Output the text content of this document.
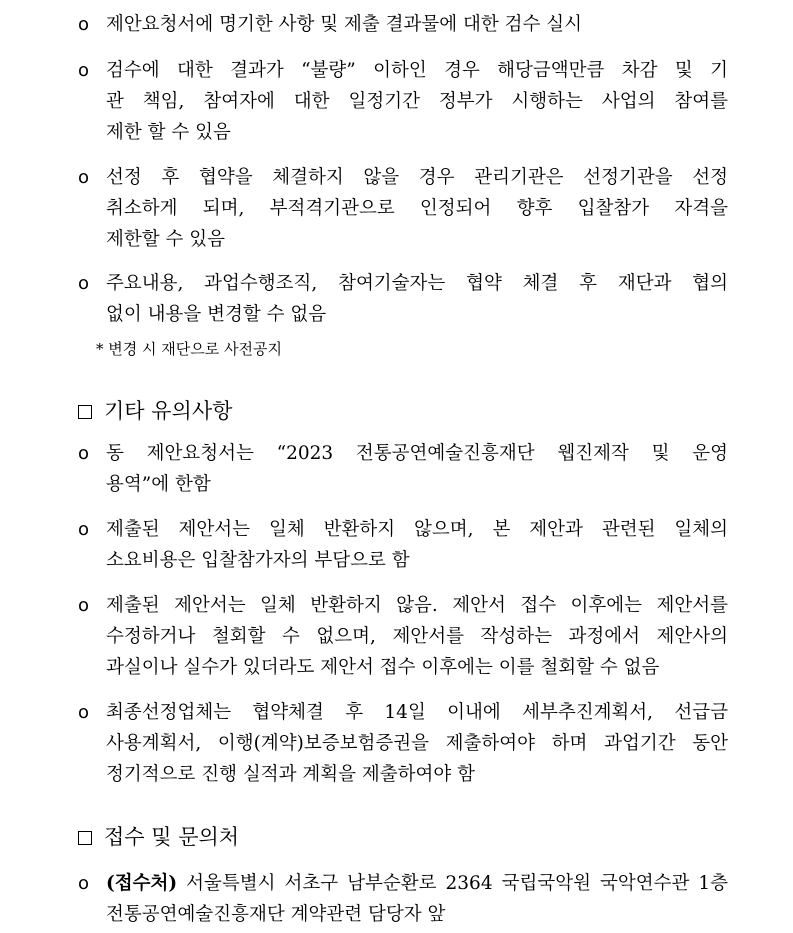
o 제안요청서에 명기한 사항 및 제출 결과물에 대한 검수 실시
o 검수에 대한 결과가 “불량” 이하인 경우 해당금액만큼 차감 및 기
관 책임, 참여자에 대한 일정기간 정부가 시행하는 사업의 참여를
제한 할 수 있음
o 선정 후 협약을 체결하지 않을 경우 관리기관은 선정기관을 선정
취소하게 되며, 부적격기관으로 인정되어 향후 입찰참가 자격을
제한할 수 있음
o 주요내용, 과업수행조직, 참여기술자는 협약 체결 후 재단과 협의
없이 내용을 변경할 수 없음
* 변경 시 재단으로 사전공지
기타 유의사항
o 동 제안요청서는 “2023 전통공연예술진흥재단 웹진제작 및 운영
용역”에 한함
o 제출된 제안서는 일체 반환하지 않으며, 본 제안과 관련된 일체의
소요비용은 입찰참가자의 부담으로 함
o 제출된 제안서는 일체 반환하지 않음. 제안서 접수 이후에는 제안서를
수정하거나 철회할 수 없으며, 제안서를 작성하는 과정에서 제안사의
과실이나 실수가 있더라도 제안서 접수 이후에는 이를 철회할 수 없음
o 최종선정업체는 협약체결 후 14일 이내에 세부추진계획서, 선급금
사용계획서, 이행(계약)보증보험증권을 제출하여야 하며 과업기간 동안
정기적으로 진행 실적과 계획을 제출하여야 함
접수 및 문의처
o (접수처) 서울특별시 서초구 남부순환로 2364 국립국악원 국악연수관 1층
전통공연예술진흥재단 계약관련 담당자 앞
